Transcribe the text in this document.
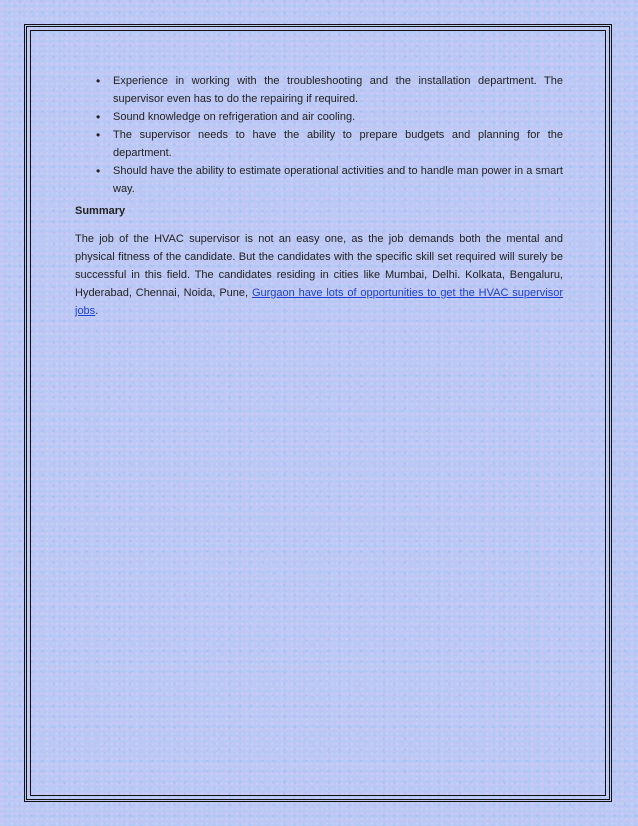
• Experience in working with the troubleshooting and the installation department. The supervisor even has to do the repairing if required.
• Sound knowledge on refrigeration and air cooling.
• The supervisor needs to have the ability to prepare budgets and planning for the department.
• Should have the ability to estimate operational activities and to handle man power in a smart way.
Summary

The job of the HVAC supervisor is not an easy one, as the job demands both the mental and physical fitness of the candidate. But the candidates with the specific skill set required will surely be successful in this field. The candidates residing in cities like Mumbai, Delhi. Kolkata, Bengaluru, Hyderabad, Chennai, Noida, Pune, Gurgaon have lots of opportunities to get the HVAC supervisor jobs.
